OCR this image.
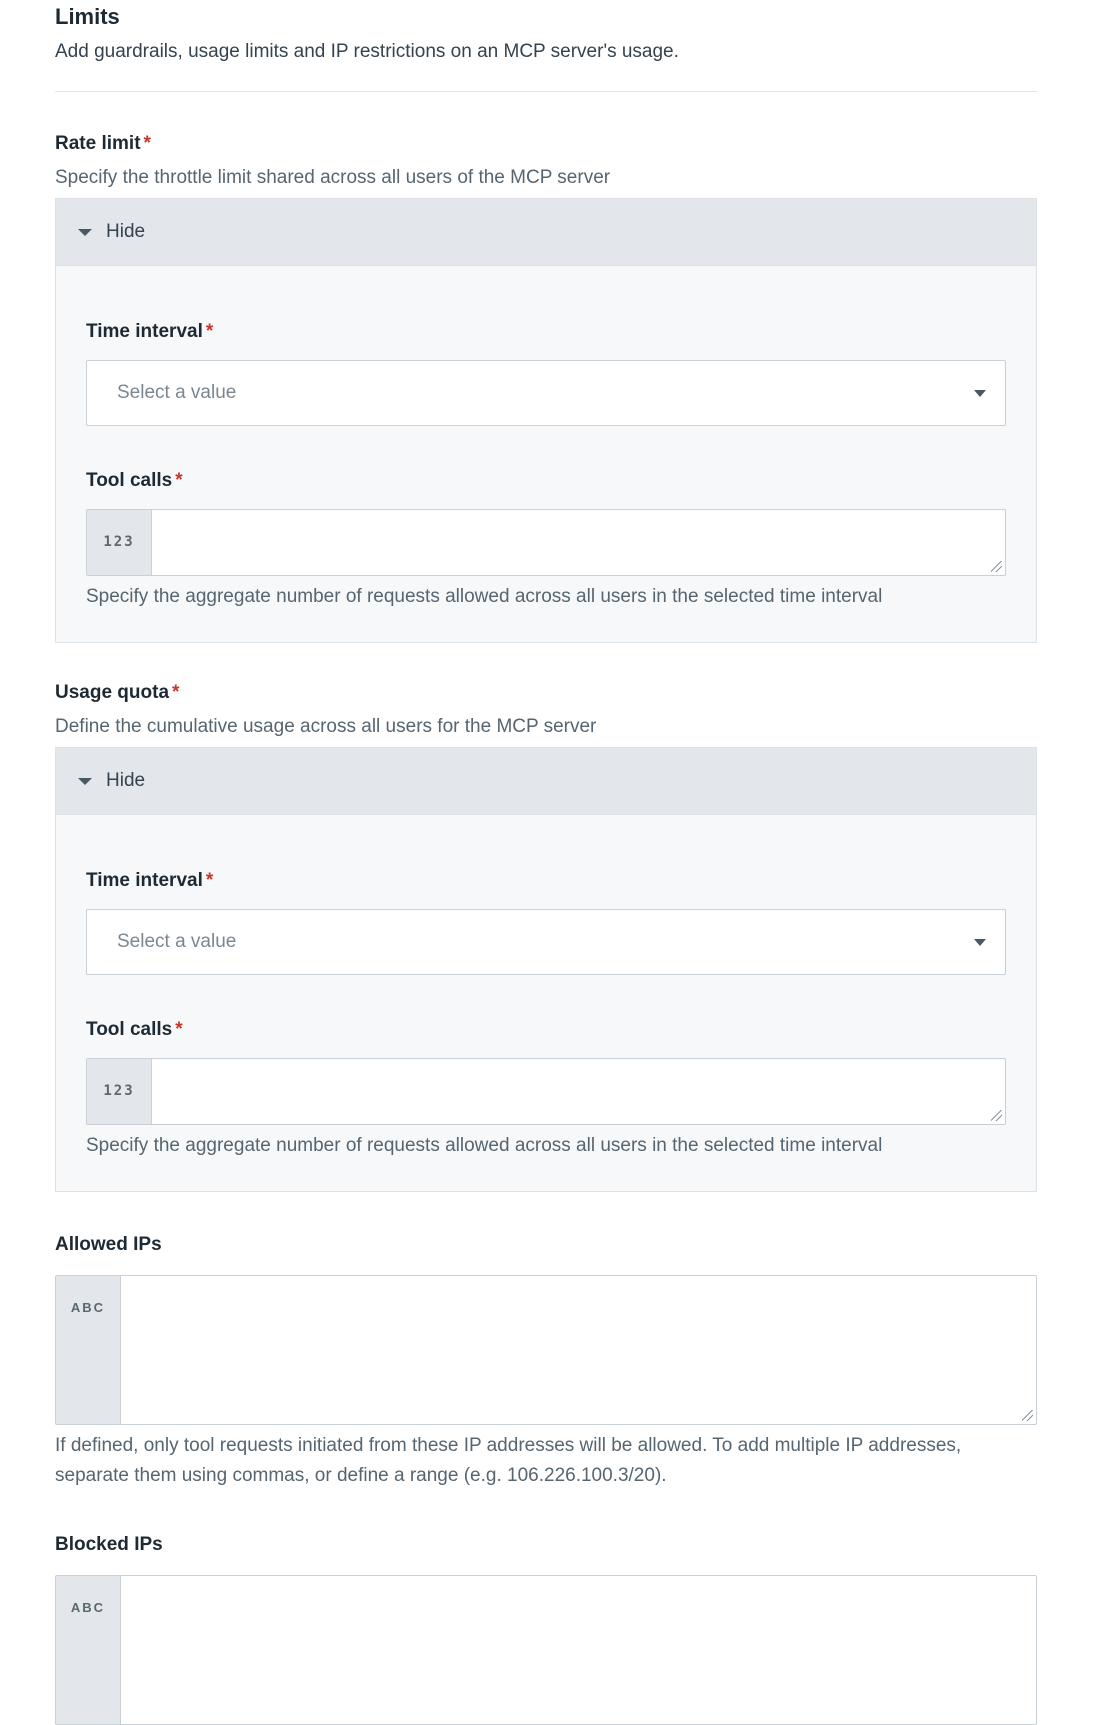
Limits
Add guardrails, usage limits and IP restrictions on an MCP server's usage.
Rate limit *
Specify the throttle limit shared across all users of the MCP server
Hide
Time interval *
Select a value
Tool calls *
123
Specify the aggregate number of requests allowed across all users in the selected time interval
Usage quota *
Define the cumulative usage across all users for the MCP server
Hide
Time interval *
Select a value
Tool calls *
123
Specify the aggregate number of requests allowed across all users in the selected time interval
Allowed IPs
ABC
If defined, only tool requests initiated from these IP addresses will be allowed. To add multiple IP addresses,
separate them using commas, or define a range (e.g. 106.226.100.3/20).
Blocked IPs
ABC
